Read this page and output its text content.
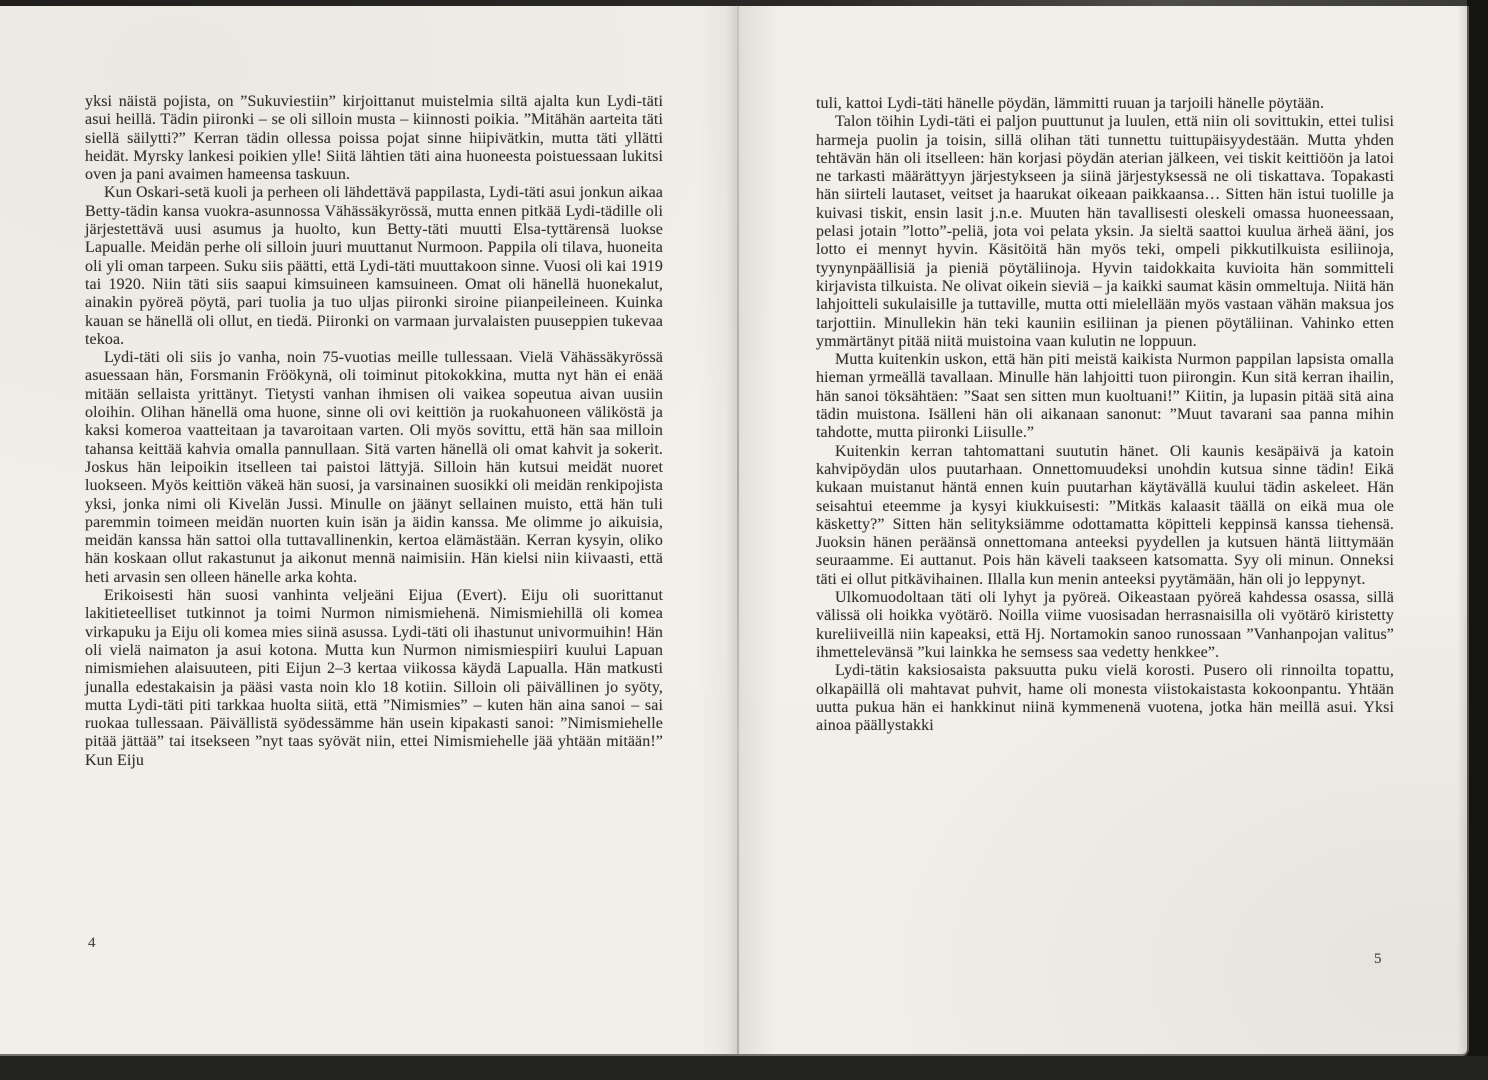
yksi näistä pojista, on ”Sukuviestiin” kirjoittanut muistelmia siltä ajalta kun Lydi-täti asui heillä. Tädin piironki – se oli silloin musta – kiinnosti poikia. ”Mitähän aarteita täti siellä säilytti?” Kerran tädin ollessa poissa pojat sinne hiipivätkin, mutta täti yllätti heidät. Myrsky lankesi poikien ylle! Siitä lähtien täti aina huoneesta poistuessaan lukitsi oven ja pani avaimen hameensa taskuun.

Kun Oskari-setä kuoli ja perheen oli lähdettävä pappilasta, Lydi-täti asui jonkun aikaa Betty-tädin kansa vuokra-asunnossa Vähässäkyrössä, mutta ennen pitkää Lydi-tädille oli järjestettävä uusi asumus ja huolto, kun Betty-täti muutti Elsa-tyttärensä luokse Lapualle. Meidän perhe oli silloin juuri muuttanut Nurmoon. Pappila oli tilava, huoneita oli yli oman tarpeen. Suku siis päätti, että Lydi-täti muuttakoon sinne. Vuosi oli kai 1919 tai 1920. Niin täti siis saapui kimsuineen kamsuineen. Omat oli hänellä huonekalut, ainakin pyöreä pöytä, pari tuolia ja tuo uljas piironki siroine piianpeileineen. Kuinka kauan se hänellä oli ollut, en tiedä. Piironki on varmaan jurvalaisten puuseppien tukevaa tekoa.

Lydi-täti oli siis jo vanha, noin 75-vuotias meille tullessaan. Vielä Vähässäkyrössä asuessaan hän, Forsmanin Fröökynä, oli toiminut pitokokkina, mutta nyt hän ei enää mitään sellaista yrittänyt. Tietysti vanhan ihmisen oli vaikea sopeutua aivan uusiin oloihin. Olihan hänellä oma huone, sinne oli ovi keittiön ja ruokahuoneen väliköstä ja kaksi komeroa vaatteitaan ja tavaroitaan varten. Oli myös sovittu, että hän saa milloin tahansa keittää kahvia omalla pannullaan. Sitä varten hänellä oli omat kahvit ja sokerit. Joskus hän leipoikin itselleen tai paistoi lättyjä. Silloin hän kutsui meidät nuoret luokseen. Myös keittiön väkeä hän suosi, ja varsinainen suosikki oli meidän renkipojista yksi, jonka nimi oli Kivelän Jussi. Minulle on jäänyt sellainen muisto, että hän tuli paremmin toimeen meidän nuorten kuin isän ja äidin kanssa. Me olimme jo aikuisia, meidän kanssa hän sattoi olla tuttavallinenkin, kertoa elämästään. Kerran kysyin, oliko hän koskaan ollut rakastunut ja aikonut mennä naimisiin. Hän kielsi niin kiivaasti, että heti arvasin sen olleen hänelle arka kohta.

Erikoisesti hän suosi vanhinta veljeäni Eijua (Evert). Eiju oli suorittanut lakitieteelliset tutkinnot ja toimi Nurmon nimismiehenä. Nimismiehillä oli komea virkapuku ja Eiju oli komea mies siinä asussa. Lydi-täti oli ihastunut univormuihin! Hän oli vielä naimaton ja asui kotona. Mutta kun Nurmon nimismiespiiri kuului Lapuan nimismiehen alaisuuteen, piti Eijun 2–3 kertaa viikossa käydä Lapualla. Hän matkusti junalla edestakaisin ja pääsi vasta noin klo 18 kotiin. Silloin oli päivällinen jo syöty, mutta Lydi-täti piti tarkkaa huolta siitä, että ”Nimismies” – kuten hän aina sanoi – sai ruokaa tullessaan. Päivällistä syödessämme hän usein kipakasti sanoi: ”Nimismiehelle pitää jättää” tai itsekseen ”nyt taas syövät niin, ettei Nimismiehelle jää yhtään mitään!” Kun Eiju

4

tuli, kattoi Lydi-täti hänelle pöydän, lämmitti ruuan ja tarjoili hänelle pöytään.

Talon töihin Lydi-täti ei paljon puuttunut ja luulen, että niin oli sovittukin, ettei tulisi harmeja puolin ja toisin, sillä olihan täti tunnettu tuittupäisyydestään. Mutta yhden tehtävän hän oli itselleen: hän korjasi pöydän aterian jälkeen, vei tiskit keittiöön ja latoi ne tarkasti määrättyyn järjestykseen ja siinä järjestyksessä ne oli tiskattava. Topakasti hän siirteli lautaset, veitset ja haarukat oikeaan paikkaansa… Sitten hän istui tuolille ja kuivasi tiskit, ensin lasit j.n.e. Muuten hän tavallisesti oleskeli omassa huoneessaan, pelasi jotain ”lotto”-peliä, jota voi pelata yksin. Ja sieltä saattoi kuulua ärheä ääni, jos lotto ei mennyt hyvin. Käsitöitä hän myös teki, ompeli pikkutilkuista esiliinoja, tyynynpäällisiä ja pieniä pöytäliinoja. Hyvin taidokkaita kuvioita hän sommitteli kirjavista tilkuista. Ne olivat oikein sieviä – ja kaikki saumat käsin ommeltuja. Niitä hän lahjoitteli sukulaisille ja tuttaville, mutta otti mielellään myös vastaan vähän maksua jos tarjottiin. Minullekin hän teki kauniin esiliinan ja pienen pöytäliinan. Vahinko etten ymmärtänyt pitää niitä muistoina vaan kulutin ne loppuun.

Mutta kuitenkin uskon, että hän piti meistä kaikista Nurmon pappilan lapsista omalla hieman yrmeällä tavallaan. Minulle hän lahjoitti tuon piirongin. Kun sitä kerran ihailin, hän sanoi töksähtäen: ”Saat sen sitten mun kuoltuani!” Kiitin, ja lupasin pitää sitä aina tädin muistona. Isälleni hän oli aikanaan sanonut: ”Muut tavarani saa panna mihin tahdotte, mutta piironki Liisulle.”

Kuitenkin kerran tahtomattani suututin hänet. Oli kaunis kesäpäivä ja katoin kahvipöydän ulos puutarhaan. Onnettomuudeksi unohdin kutsua sinne tädin! Eikä kukaan muistanut häntä ennen kuin puutarhan käytävällä kuului tädin askeleet. Hän seisahtui eteemme ja kysyi kiukkuisesti: ”Mitkäs kalaasit täällä on eikä mua ole käsketty?” Sitten hän selityksiämme odottamatta köpitteli keppinsä kanssa tiehensä. Juoksin hänen peräänsä onnettomana anteeksi pyydellen ja kutsuen häntä liittymään seuraamme. Ei auttanut. Pois hän käveli taakseen katsomatta. Syy oli minun. Onneksi täti ei ollut pitkävihainen. Illalla kun menin anteeksi pyytämään, hän oli jo leppynyt.

Ulkomuodoltaan täti oli lyhyt ja pyöreä. Oikeastaan pyöreä kahdessa osassa, sillä välissä oli hoikka vyötärö. Noilla viime vuosisadan herrasnaisilla oli vyötärö kiristetty kureliiveillä niin kapeaksi, että Hj. Nortamokin sanoo runossaan ”Vanhanpojan valitus” ihmettelevänsä ”kui lainkka he semsess saa vedetty henkkee”.

Lydi-tätin kaksiosaista paksuutta puku vielä korosti. Pusero oli rinnoilta topattu, olkapäillä oli mahtavat puhvit, hame oli monesta viistokaistasta kokoonpantu. Yhtään uutta pukua hän ei hankkinut niinä kymmenenä vuotena, jotka hän meillä asui. Yksi ainoa päällystakki

5
